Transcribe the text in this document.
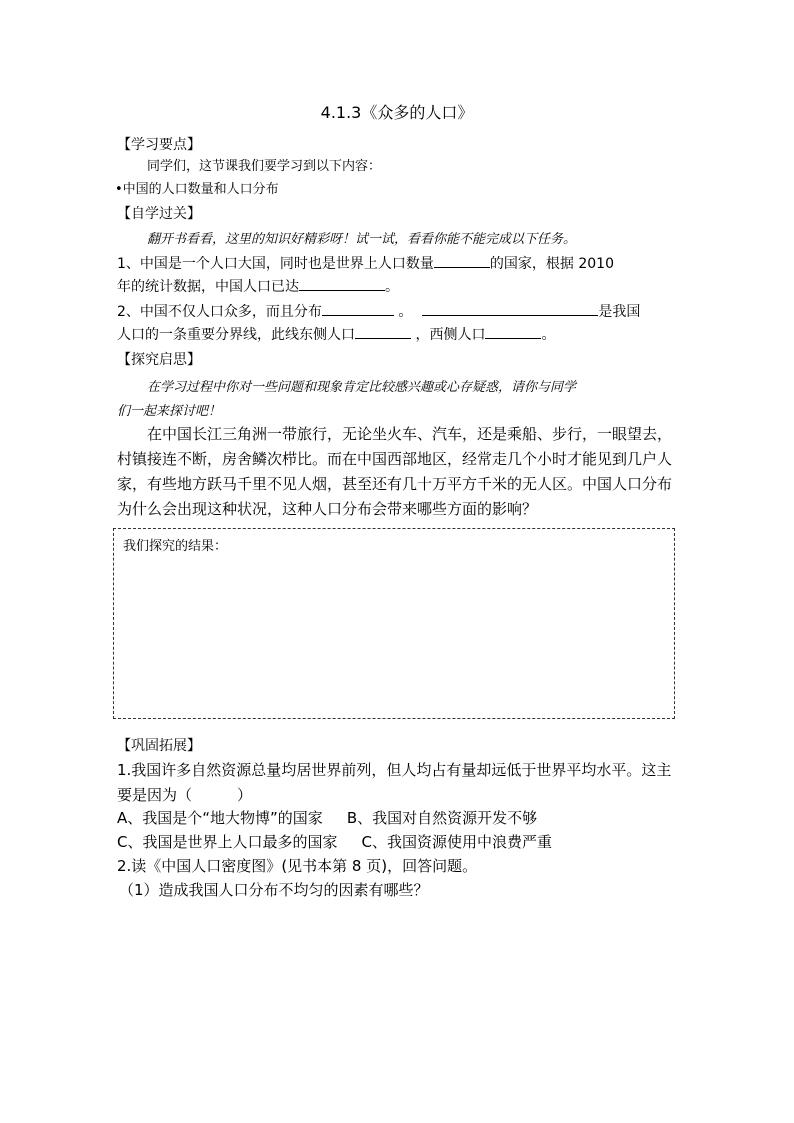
4.1.3《众多的人口》
【学习要点】
同学们，这节课我们要学习到以下内容：
•中国的人口数量和人口分布
【自学过关】
翻开书看看，这里的知识好精彩呀！试一试，看看你能不能完成以下任务。
1、中国是一个人口大国，同时也是世界上人口数量	的国家，根据 2010
年的统计数据，中国人口已达	。
2、中国不仅人口众多，而且分布	。	是我国
人口的一条重要分界线，此线东侧人口	，西侧人口	。
【探究启思】
在学习过程中你对一些问题和现象肯定比较感兴趣或心存疑惑，请你与同学
们一起来探讨吧！
在中国长江三角洲一带旅行，无论坐火车、汽车，还是乘船、步行，一眼望去，村镇接连不断，房舍鳞次栉比。而在中国西部地区，经常走几个小时才能见到几户人家，有些地方跃马千里不见人烟，甚至还有几十万平方千米的无人区。中国人口分布为什么会出现这种状况，这种人口分布会带来哪些方面的影响？
我们探究的结果：
【巩固拓展】
1.我国许多自然资源总量均居世界前列，但人均占有量却远低于世界平均水平。这主要是因为（　　　）
A、我国是个“地大物博”的国家 B、我国对自然资源开发不够
C、我国是世界上人口最多的国家 C、我国资源使用中浪费严重
2.读《中国人口密度图》(见书本第 8 页)，回答问题。
（1）造成我国人口分布不均匀的因素有哪些？
